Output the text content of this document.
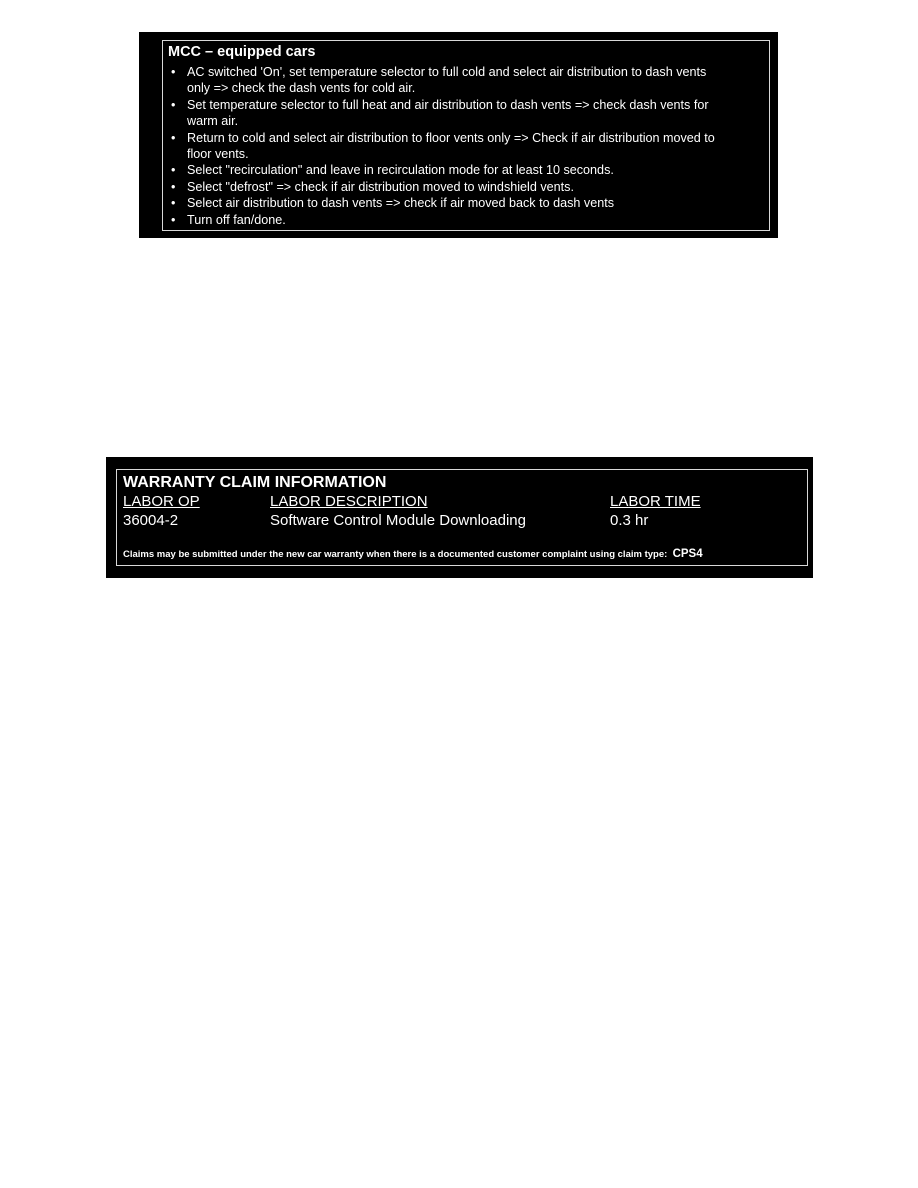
MCC – equipped cars
• AC switched 'On', set temperature selector to full cold and select air distribution to dash vents
only => check the dash vents for cold air.
• Set temperature selector to full heat and air distribution to dash vents => check dash vents for
warm air.
• Return to cold and select air distribution to floor vents only => Check if air distribution moved to
floor vents.
• Select "recirculation" and leave in recirculation mode for at least 10 seconds.
• Select "defrost" => check if air distribution moved to windshield vents.
• Select air distribution to dash vents => check if air moved back to dash vents
• Turn off fan/done.
WARRANTY CLAIM INFORMATION
LABOR OP	LABOR DESCRIPTION	LABOR TIME
36004-2	Software Control Module Downloading	0.3 hr
Claims may be submitted under the new car warranty when there is a documented customer complaint using claim type: CPS4
